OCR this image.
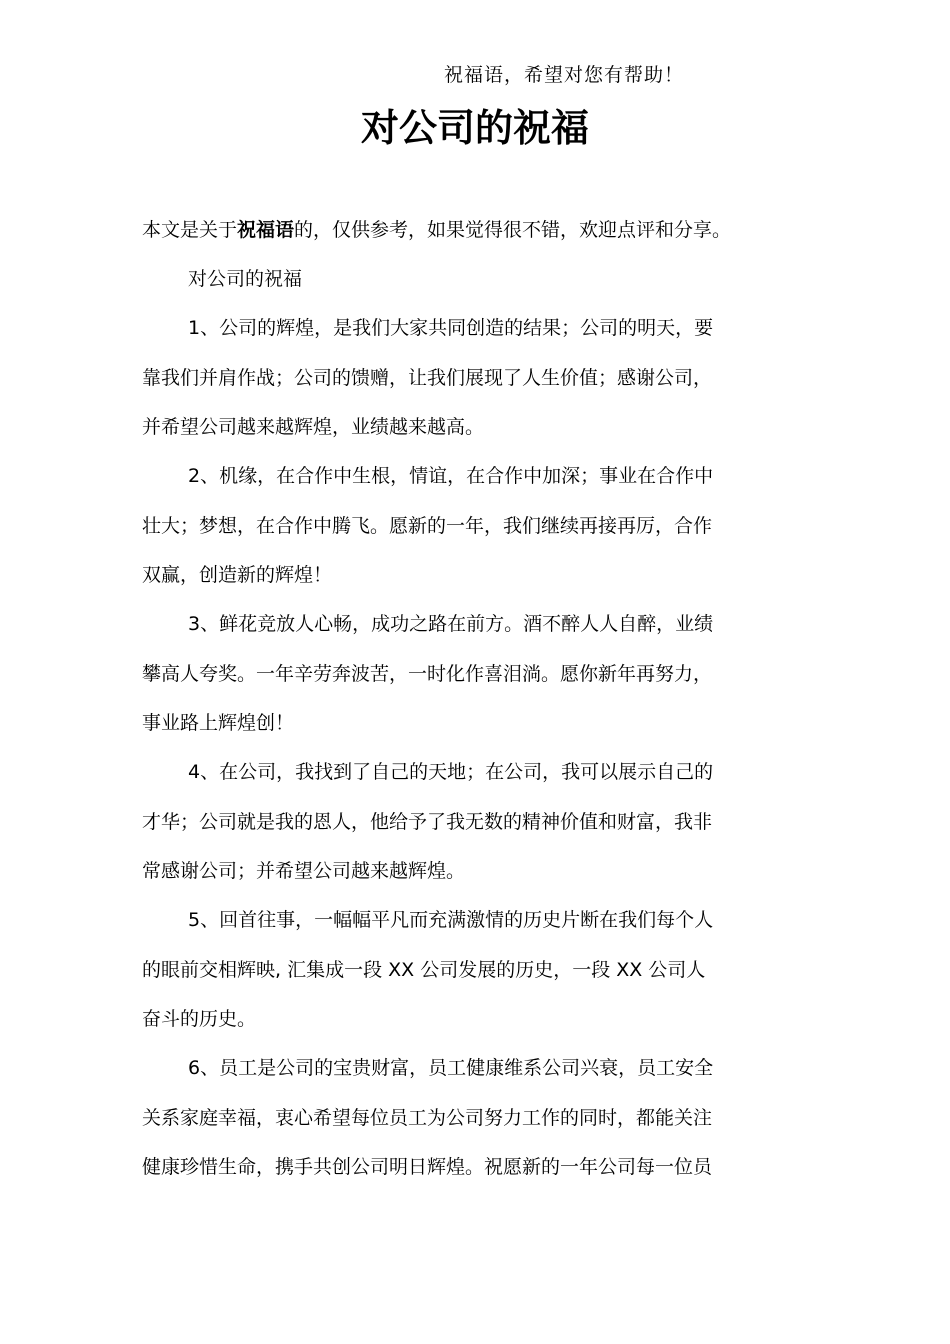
祝福语，希望对您有帮助！
对公司的祝福
本文是关于祝福语的，仅供参考，如果觉得很不错，欢迎点评和分享。
对公司的祝福
1、公司的辉煌，是我们大家共同创造的结果；公司的明天，要
靠我们并肩作战；公司的馈赠，让我们展现了人生价值；感谢公司，
并希望公司越来越辉煌，业绩越来越高。
2、机缘，在合作中生根，情谊，在合作中加深；事业在合作中
壮大；梦想，在合作中腾飞。愿新的一年，我们继续再接再厉，合作
双赢，创造新的辉煌！
3、鲜花竞放人心畅，成功之路在前方。酒不醉人人自醉，业绩
攀高人夸奖。一年辛劳奔波苦，一时化作喜泪淌。愿你新年再努力，
事业路上辉煌创！
4、在公司，我找到了自己的天地；在公司，我可以展示自己的
才华；公司就是我的恩人，他给予了我无数的精神价值和财富，我非
常感谢公司；并希望公司越来越辉煌。
5、回首往事，一幅幅平凡而充满激情的历史片断在我们每个人
的眼前交相辉映, 汇集成一段 XX 公司发展的历史，一段 XX 公司人
奋斗的历史。
6、员工是公司的宝贵财富，员工健康维系公司兴衰，员工安全
关系家庭幸福，衷心希望每位员工为公司努力工作的同时，都能关注
健康珍惜生命，携手共创公司明日辉煌。祝愿新的一年公司每一位员
